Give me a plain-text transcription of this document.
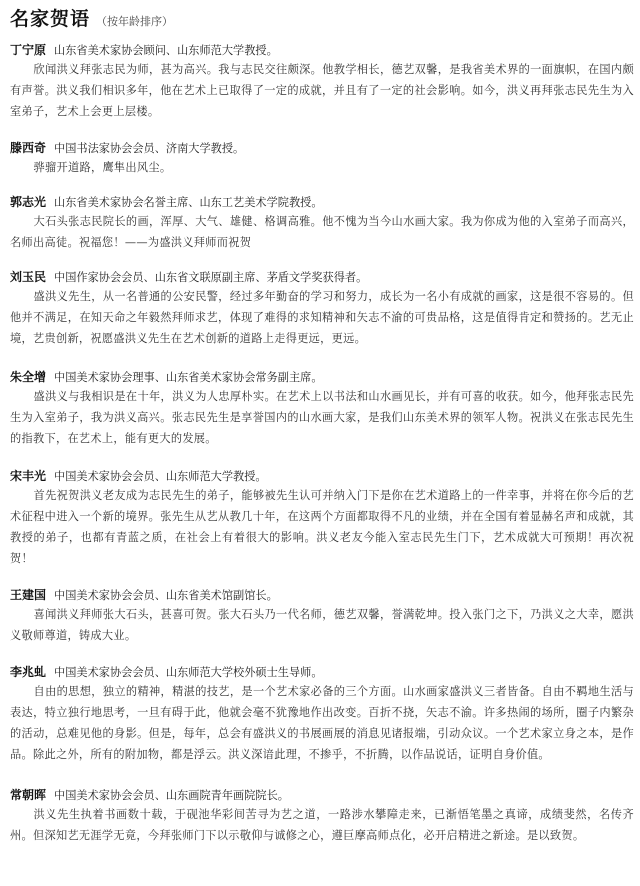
名家贺语 （按年龄排序）
丁宁原 山东省美术家协会顾问、山东师范大学教授。
欣闻洪义拜张志民为师，甚为高兴。我与志民交往颇深。他教学相长，德艺双馨，是我省美术界的一面旗帜，在国内颇有声誉。洪义我们相识多年，他在艺术上已取得了一定的成就，并且有了一定的社会影响。如今，洪义再拜张志民先生为入室弟子，艺术上会更上层楼。
滕西奇 中国书法家协会会员、济南大学教授。
骅骝开道路，鹰隼出风尘。
郭志光 山东省美术家协会名誉主席、山东工艺美术学院教授。
大石头张志民院长的画，浑厚、大气、雄健、格调高雅。他不愧为当今山水画大家。我为你成为他的入室弟子而高兴，名师出高徒。祝福您！——为盛洪义拜师而祝贺
刘玉民 中国作家协会会员、山东省文联原副主席、茅盾文学奖获得者。
盛洪义先生，从一名普通的公安民警，经过多年勤奋的学习和努力，成长为一名小有成就的画家，这是很不容易的。但他并不满足，在知天命之年毅然拜师求艺，体现了难得的求知精神和矢志不渝的可贵品格，这是值得肯定和赞扬的。艺无止境，艺贵创新，祝愿盛洪义先生在艺术创新的道路上走得更远，更远。
朱全增 中国美术家协会理事、山东省美术家协会常务副主席。
盛洪义与我相识是在十年，洪义为人忠厚朴实。在艺术上以书法和山水画见长，并有可喜的收获。如今，他拜张志民先生为入室弟子，我为洪义高兴。张志民先生是享誉国内的山水画大家，是我们山东美术界的领军人物。祝洪义在张志民先生的指教下，在艺术上，能有更大的发展。
宋丰光 中国美术家协会会员、山东师范大学教授。
首先祝贺洪义老友成为志民先生的弟子，能够被先生认可并纳入门下是你在艺术道路上的一件幸事，并将在你今后的艺术征程中进入一个新的境界。张先生从艺从教几十年，在这两个方面都取得不凡的业绩，并在全国有着显赫名声和成就，其教授的弟子，也都有青蓝之质，在社会上有着很大的影响。洪义老友今能入室志民先生门下，艺术成就大可预期！再次祝贺！
王建国 中国美术家协会会员、山东省美术馆副馆长。
喜闻洪义拜师张大石头，甚喜可贺。张大石头乃一代名师，德艺双馨，誉满乾坤。投入张门之下，乃洪义之大幸，愿洪义敬师尊道，铸成大业。
李兆虬 中国美术家协会会员、山东师范大学校外硕士生导师。
自由的思想，独立的精神，精湛的技艺，是一个艺术家必备的三个方面。山水画家盛洪义三者皆备。自由不羁地生活与表达，特立独行地思考，一旦有碍于此，他就会毫不犹豫地作出改变。百折不挠，矢志不渝。许多热闹的场所，圈子内繁杂的活动，总难见他的身影。但是，每年，总会有盛洪义的书展画展的消息见诸报端，引动众议。一个艺术家立身之本，是作品。除此之外，所有的附加物，都是浮云。洪义深谙此理，不掺乎，不折腾，以作品说话，证明自身价值。
常朝晖 中国美术家协会会员、山东画院青年画院院长。
洪义先生执着书画数十载，于砚池华彩间苦寻为艺之道，一路涉水攀障走来，已渐悟笔墨之真谛，成绩斐然，名传齐州。但深知艺无涯学无竟，今拜张师门下以示敬仰与诚修之心，遵巨摩高师点化，必开启精进之新途。是以致贺。
